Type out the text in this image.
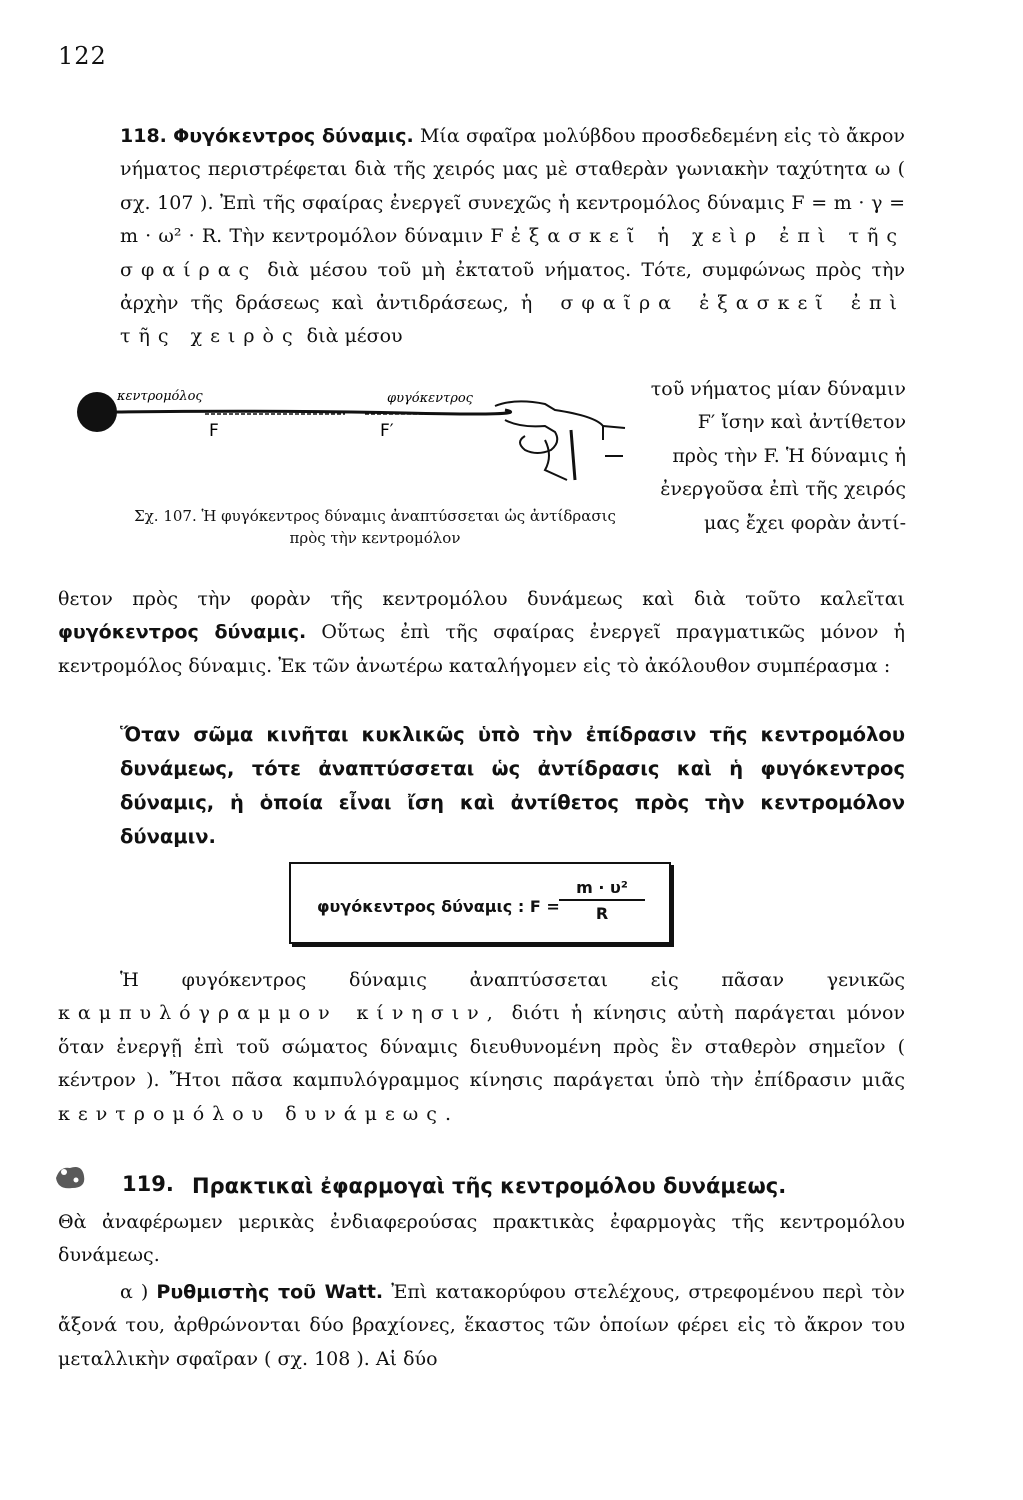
122

118. Φυγόκεντρος δύναμις. Μία σφαῖρα μολύβδου προσδεδεμένη εἰς τὸ ἄκρον νήματος περιστρέφεται διὰ τῆς χειρός μας μὲ σταθερὰν γωνιακὴν ταχύτητα ω ( σχ. 107 ). Ἐπὶ τῆς σφαίρας ἐνεργεῖ συνεχῶς ἡ κεντρομόλος δύναμις F = m · γ = m · ω² · R. Τὴν κεντρομόλον δύναμιν F ἐξασκεῖ ἡ χεὶρ ἐπὶ τῆς σφαίρας διὰ μέσου τοῦ μὴ ἐκτατοῦ νήματος. Τότε, συμφώνως πρὸς τὴν ἀρχὴν τῆς δράσεως καὶ ἀντιδράσεως, ἡ σφαῖρα ἐξασκεῖ ἐπὶ τῆς χειρὸς διὰ μέσου

κεντρομόλος	φυγόκεντρος
F	F′

τοῦ νήματος μίαν δύναμιν F′ ἴσην καὶ ἀντίθετον πρὸς τὴν F. Ἡ δύναμις ἡ ἐνεργοῦσα ἐπὶ τῆς χειρός μας ἔχει φορὰν ἀντί-

Σχ. 107. Ἡ φυγόκεντρος δύναμις ἀναπτύσσεται ὡς ἀντίδρασις πρὸς τὴν κεντρομόλον

θετον πρὸς τὴν φορὰν τῆς κεντρομόλου δυνάμεως καὶ διὰ τοῦτο καλεῖται φυγόκεντρος δύναμις. Οὕτως ἐπὶ τῆς σφαίρας ἐνεργεῖ πραγματικῶς μόνον ἡ κεντρομόλος δύναμις. Ἐκ τῶν ἀνωτέρω καταλήγομεν εἰς τὸ ἀκόλουθον συμπέρασμα :

Ὅταν σῶμα κινῆται κυκλικῶς ὑπὸ τὴν ἐπίδρασιν τῆς κεντρομόλου δυνάμεως, τότε ἀναπτύσσεται ὡς ἀντίδρασις καὶ ἡ φυγόκεντρος δύναμις, ἡ ὁποία εἶναι ἴση καὶ ἀντίθετος πρὸς τὴν κεντρομόλον δύναμιν.

φυγόκεντρος δύναμις : $F = \frac{\text{m · υ²}}{R}$

Ἡ φυγόκεντρος δύναμις ἀναπτύσσεται εἰς πᾶσαν γενικῶς καμπυλόγραμμον κίνησιν, διότι ἡ κίνησις αὐτὴ παράγεται μόνον ὅταν ἐνεργῇ ἐπὶ τοῦ σώματος δύναμις διευθυνομένη πρὸς ἓν σταθερὸν σημεῖον ( κέντρον ). Ἤτοι πᾶσα καμπυλόγραμμος κίνησις παράγεται ὑπὸ τὴν ἐπίδρασιν μιᾶς κεντρομόλου δυνάμεως.

119. Πρακτικαὶ ἐφαρμογαὶ τῆς κεντρομόλου δυνάμεως.

Θὰ ἀναφέρωμεν μερικὰς ἐνδιαφερούσας πρακτικὰς ἐφαρμογὰς τῆς κεντρομόλου δυνάμεως.

α ) Ρυθμιστὴς τοῦ Watt. Ἐπὶ κατακορύφου στελέχους, στρεφομένου περὶ τὸν ἄξονά του, ἀρθρώνονται δύο βραχίονες, ἕκαστος τῶν ὁποίων φέρει εἰς τὸ ἄκρον του μεταλλικὴν σφαῖραν ( σχ. 108 ). Αἱ δύο
